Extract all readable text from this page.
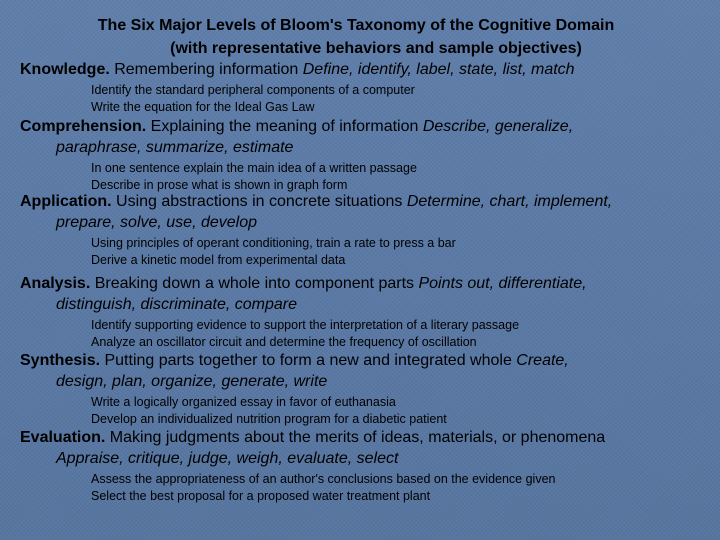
The Six Major Levels of Bloom's Taxonomy of the Cognitive Domain
(with representative behaviors and sample objectives)
Knowledge. Remembering information Define, identify, label, state, list, match
Identify the standard peripheral components of a computer
Write the equation for the Ideal Gas Law
Comprehension. Explaining the meaning of information Describe, generalize,
paraphrase, summarize, estimate
In one sentence explain the main idea of a written passage
Describe in prose what is shown in graph form
Application. Using abstractions in concrete situations Determine, chart, implement,
prepare, solve, use, develop
Using principles of operant conditioning, train a rate to press a bar
Derive a kinetic model from experimental data
Analysis. Breaking down a whole into component parts Points out, differentiate,
distinguish, discriminate, compare
Identify supporting evidence to support the interpretation of a literary passage
Analyze an oscillator circuit and determine the frequency of oscillation
Synthesis. Putting parts together to form a new and integrated whole Create,
design, plan, organize, generate, write
Write a logically organized essay in favor of euthanasia
Develop an individualized nutrition program for a diabetic patient
Evaluation. Making judgments about the merits of ideas, materials, or phenomena
Appraise, critique, judge, weigh, evaluate, select
Assess the appropriateness of an author's conclusions based on the evidence given
Select the best proposal for a proposed water treatment plant
